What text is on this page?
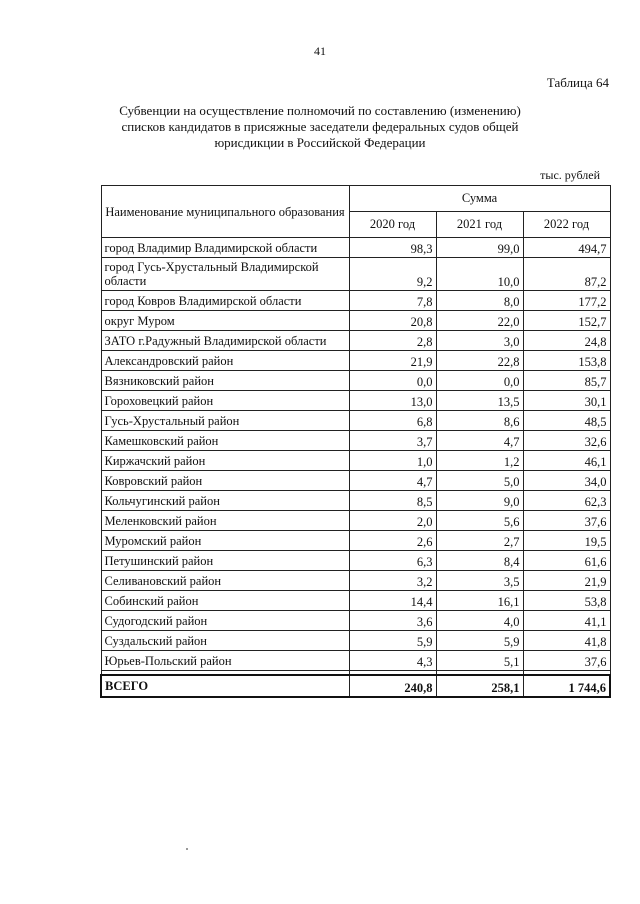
41
Таблица 64
Субвенции на осуществление полномочий по составлению (изменению)
списков кандидатов в присяжные заседатели федеральных судов общей
юрисдикции в Российской Федерации
тыс. рублей
Наименование муниципального образования	Сумма		
	2020 год	2021 год	2022 год
город Владимир Владимирской области	98,3	99,0	494,7
город Гусь-Хрустальный Владимирской области	9,2	10,0	87,2
город Ковров Владимирской области	7,8	8,0	177,2
округ Муром	20,8	22,0	152,7
ЗАТО г.Радужный Владимирской области	2,8	3,0	24,8
Александровский район	21,9	22,8	153,8
Вязниковский район	0,0	0,0	85,7
Гороховецкий район	13,0	13,5	30,1
Гусь-Хрустальный район	6,8	8,6	48,5
Камешковский район	3,7	4,7	32,6
Киржачский район	1,0	1,2	46,1
Ковровский район	4,7	5,0	34,0
Кольчугинский район	8,5	9,0	62,3
Меленковский район	2,0	5,6	37,6
Муромский район	2,6	2,7	19,5
Петушинский район	6,3	8,4	61,6
Селивановский район	3,2	3,5	21,9
Собинский район	14,4	16,1	53,8
Судогодский район	3,6	4,0	41,1
Суздальский район	5,9	5,9	41,8
Юрьев-Польский район	4,3	5,1	37,6

ВСЕГО	240,8	258,1	1 744,6
